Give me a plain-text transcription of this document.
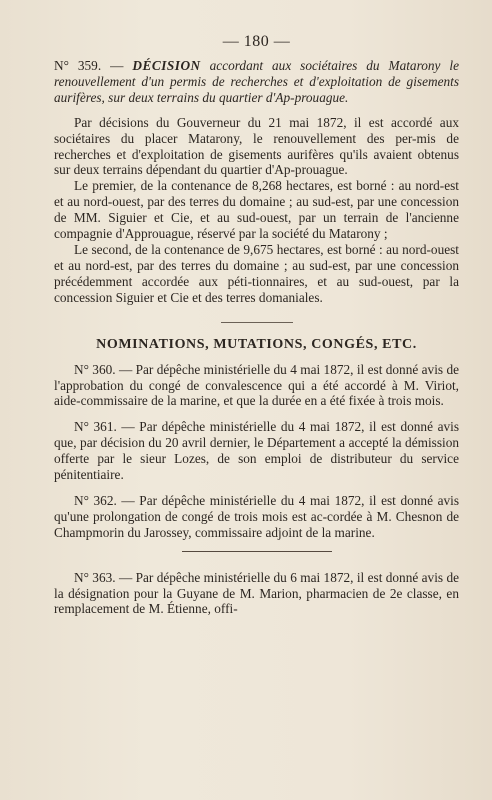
— 180 —

N° 359. — DÉCISION accordant aux sociétaires du Matarony le renouvellement d'un permis de recherches et d'exploitation de gisements aurifères, sur deux terrains du quartier d'Ap-prouague.

Par décisions du Gouverneur du 21 mai 1872, il est accordé aux sociétaires du placer Matarony, le renouvellement des per-mis de recherches et d'exploitation de gisements aurifères qu'ils avaient obtenus sur deux terrains dépendant du quartier d'Ap-prouague.

Le premier, de la contenance de 8,268 hectares, est borné : au nord-est et au nord-ouest, par des terres du domaine ; au sud-est, par une concession de MM. Siguier et Cie, et au sud-ouest, par un terrain de l'ancienne compagnie d'Approuague, réservé par la société du Matarony ;

Le second, de la contenance de 9,675 hectares, est borné : au nord-ouest et au nord-est, par des terres du domaine ; au sud-est, par une concession précédemment accordée aux péti-tionnaires, et au sud-ouest, par la concession Siguier et Cie et des terres domaniales.

NOMINATIONS, MUTATIONS, CONGÉS, ETC.

N° 360. — Par dépêche ministérielle du 4 mai 1872, il est donné avis de l'approbation du congé de convalescence qui a été accordé à M. Viriot, aide-commissaire de la marine, et que la durée en a été fixée à trois mois.

N° 361. — Par dépêche ministérielle du 4 mai 1872, il est donné avis que, par décision du 20 avril dernier, le Département a accepté la démission offerte par le sieur Lozes, de son emploi de distributeur du service pénitentiaire.

N° 362. — Par dépêche ministérielle du 4 mai 1872, il est donné avis qu'une prolongation de congé de trois mois est ac-cordée à M. Chesnon de Champmorin du Jarossey, commissaire adjoint de la marine.

N° 363. — Par dépêche ministérielle du 6 mai 1872, il est donné avis de la désignation pour la Guyane de M. Marion, pharmacien de 2e classe, en remplacement de M. Étienne, offi-
